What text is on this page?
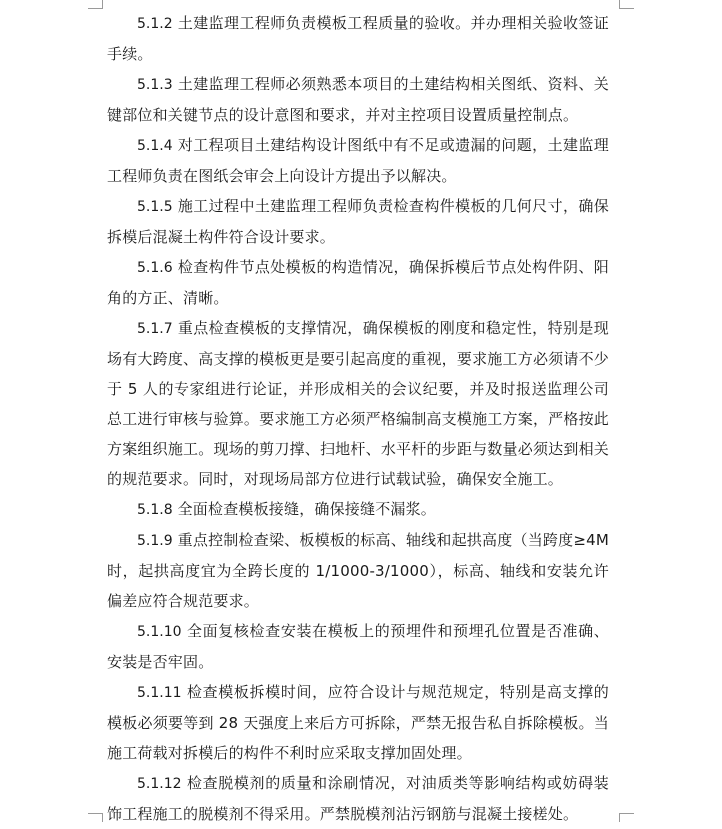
5.1.2 土建监理工程师负责模板工程质量的验收。并办理相关验收签证手续。

5.1.3 土建监理工程师必须熟悉本项目的土建结构相关图纸、资料、关键部位和关键节点的设计意图和要求，并对主控项目设置质量控制点。

5.1.4 对工程项目土建结构设计图纸中有不足或遗漏的问题，土建监理工程师负责在图纸会审会上向设计方提出予以解决。

5.1.5 施工过程中土建监理工程师负责检查构件模板的几何尺寸，确保拆模后混凝土构件符合设计要求。

5.1.6 检查构件节点处模板的构造情况，确保拆模后节点处构件阴、阳角的方正、清晰。

5.1.7 重点检查模板的支撑情况，确保模板的刚度和稳定性，特别是现场有大跨度、高支撑的模板更是要引起高度的重视，要求施工方必须请不少于 5 人的专家组进行论证，并形成相关的会议纪要，并及时报送监理公司总工进行审核与验算。要求施工方必须严格编制高支模施工方案，严格按此方案组织施工。现场的剪刀撑、扫地杆、水平杆的步距与数量必须达到相关的规范要求。同时，对现场局部方位进行试载试验，确保安全施工。

5.1.8 全面检查模板接缝，确保接缝不漏浆。

5.1.9 重点控制检查梁、板模板的标高、轴线和起拱高度（当跨度≥4M时，起拱高度宜为全跨长度的 1/1000-3/1000），标高、轴线和安装允许偏差应符合规范要求。

5.1.10 全面复核检查安装在模板上的预埋件和预埋孔位置是否准确、安装是否牢固。

5.1.11 检查模板拆模时间，应符合设计与规范规定，特别是高支撑的模板必须要等到 28 天强度上来后方可拆除，严禁无报告私自拆除模板。当施工荷载对拆模后的构件不利时应采取支撑加固处理。

5.1.12 检查脱模剂的质量和涂刷情况，对油质类等影响结构或妨碍装饰工程施工的脱模剂不得采用。严禁脱模剂沾污钢筋与混凝土接槎处。
